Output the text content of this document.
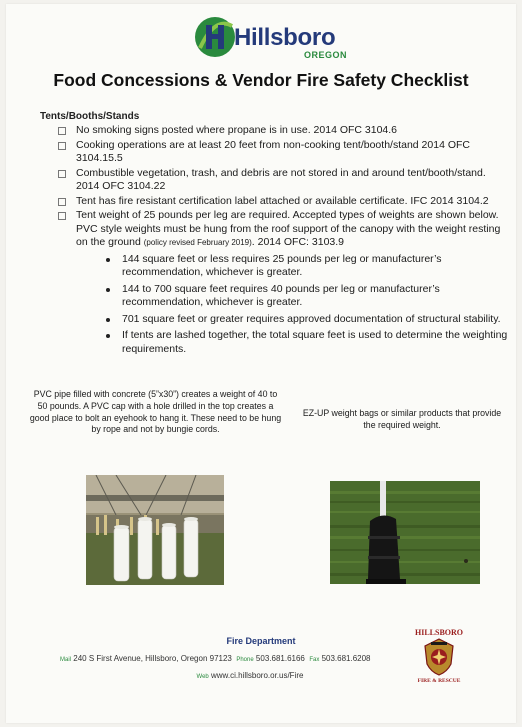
Hillsboro
OREGON
Food Concessions & Vendor Fire Safety Checklist
Tents/Booths/Stands
No smoking signs posted where propane is in use. 2014 OFC 3104.6
Cooking operations are at least 20 feet from non-cooking tent/booth/stand 2014 OFC 3104.15.5
Combustible vegetation, trash, and debris are not stored in and around tent/booth/stand. 2014 OFC 3104.22
Tent has fire resistant certification label attached or available certificate. IFC 2014 3104.2
Tent weight of 25 pounds per leg are required. Accepted types of weights are shown below. PVC style weights must be hung from the roof support of the canopy with the weight resting on the ground (policy revised February 2019). 2014 OFC: 3103.9
144 square feet or less requires 25 pounds per leg or manufacturer’s recommendation, whichever is greater.
144 to 700 square feet requires 40 pounds per leg or manufacturer’s recommendation, whichever is greater.
701 square feet or greater requires approved documentation of structural stability.
If tents are lashed together, the total square feet is used to determine the weighting requirements.
PVC pipe filled with concrete (5”x30”) creates a weight of 40 to 50 pounds. A PVC cap with a hole drilled in the top creates a good place to bolt an eyehook to hang it. These need to be hung by rope and not by bungie cords.
EZ-UP weight bags or similar products that provide the required weight.
Fire Department
Mail 240 S First Avenue, Hillsboro, Oregon 97123 Phone 503.681.6166 Fax 503.681.6208
Web www.ci.hillsboro.or.us/Fire
HILLSBORO
FIRE & RESCUE
